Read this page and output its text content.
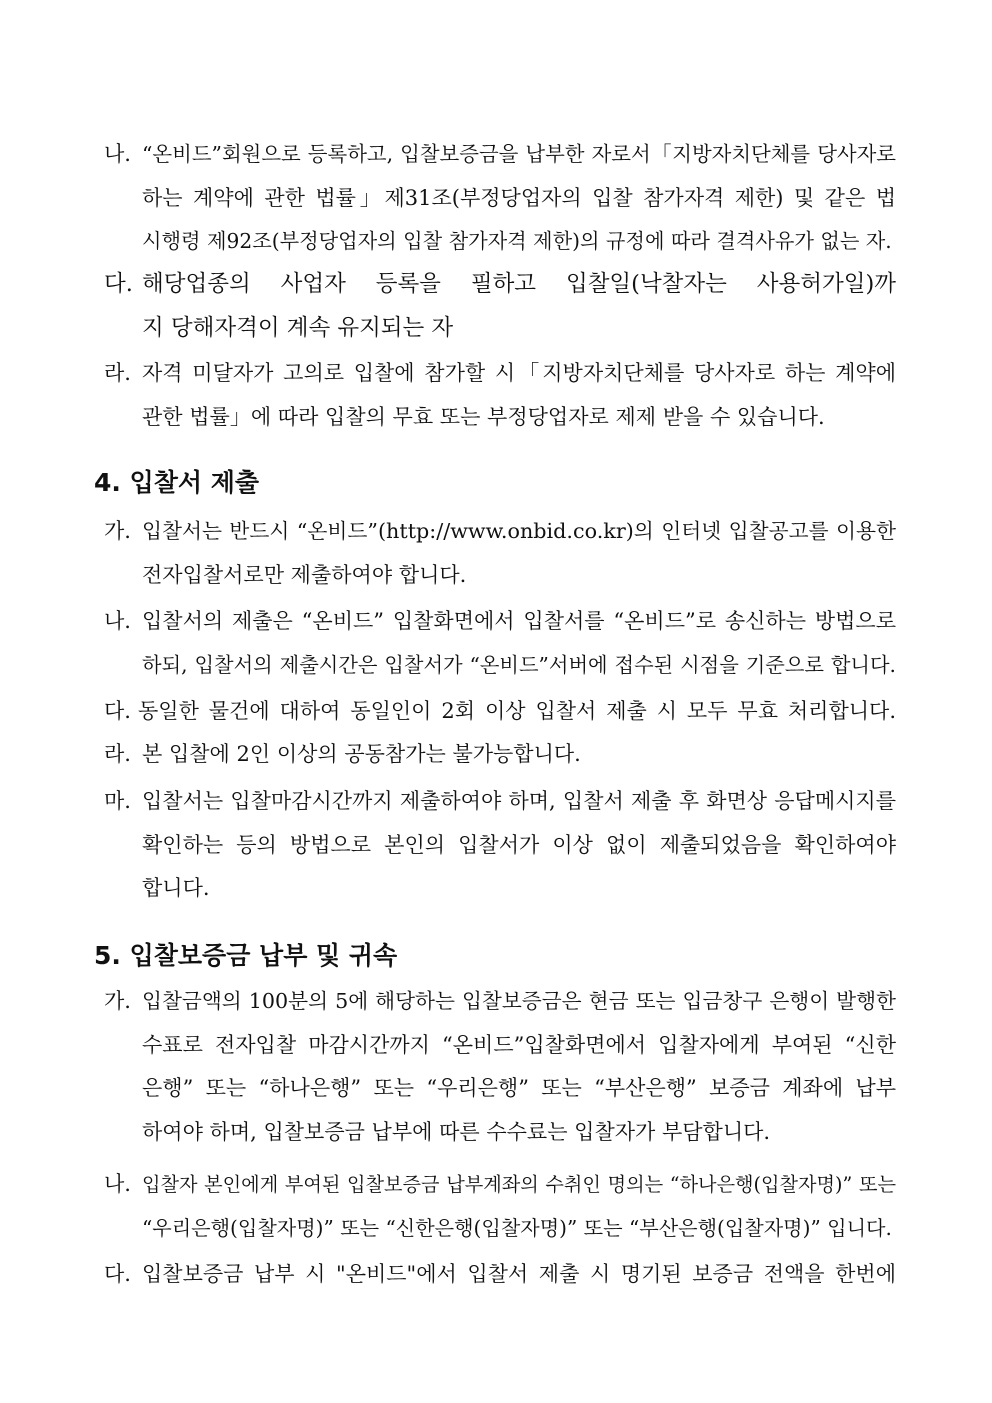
나. “온비드”회원으로 등록하고, 입찰보증금을 납부한 자로서「지방자치단체를 당사자로
하는 계약에 관한 법률」제31조(부정당업자의 입찰 참가자격 제한) 및 같은 법
시행령 제92조(부정당업자의 입찰 참가자격 제한)의 규정에 따라 결격사유가 없는 자.
다. 해당업종의 사업자 등록을 필하고 입찰일(낙찰자는 사용허가일)까
지 당해자격이 계속 유지되는 자
라. 자격 미달자가 고의로 입찰에 참가할 시「지방자치단체를 당사자로 하는 계약에
관한 법률」에 따라 입찰의 무효 또는 부정당업자로 제제 받을 수 있습니다.
4. 입찰서 제출
가. 입찰서는 반드시 “온비드”(http://www.onbid.co.kr)의 인터넷 입찰공고를 이용한
전자입찰서로만 제출하여야 합니다.
나. 입찰서의 제출은 “온비드” 입찰화면에서 입찰서를 “온비드”로 송신하는 방법으로
하되, 입찰서의 제출시간은 입찰서가 “온비드”서버에 접수된 시점을 기준으로 합니다.
다. 동일한 물건에 대하여 동일인이 2회 이상 입찰서 제출 시 모두 무효 처리합니다.
라. 본 입찰에 2인 이상의 공동참가는 불가능합니다.
마. 입찰서는 입찰마감시간까지 제출하여야 하며, 입찰서 제출 후 화면상 응답메시지를
확인하는 등의 방법으로 본인의 입찰서가 이상 없이 제출되었음을 확인하여야
합니다.
5. 입찰보증금 납부 및 귀속
가. 입찰금액의 100분의 5에 해당하는 입찰보증금은 현금 또는 입금창구 은행이 발행한
수표로 전자입찰 마감시간까지 “온비드”입찰화면에서 입찰자에게 부여된 “신한
은행” 또는 “하나은행” 또는 “우리은행” 또는 “부산은행” 보증금 계좌에 납부
하여야 하며, 입찰보증금 납부에 따른 수수료는 입찰자가 부담합니다.
나. 입찰자 본인에게 부여된 입찰보증금 납부계좌의 수취인 명의는 “하나은행(입찰자명)” 또는
“우리은행(입찰자명)” 또는 “신한은행(입찰자명)” 또는 “부산은행(입찰자명)” 입니다.
다. 입찰보증금 납부 시 "온비드"에서 입찰서 제출 시 명기된 보증금 전액을 한번에
